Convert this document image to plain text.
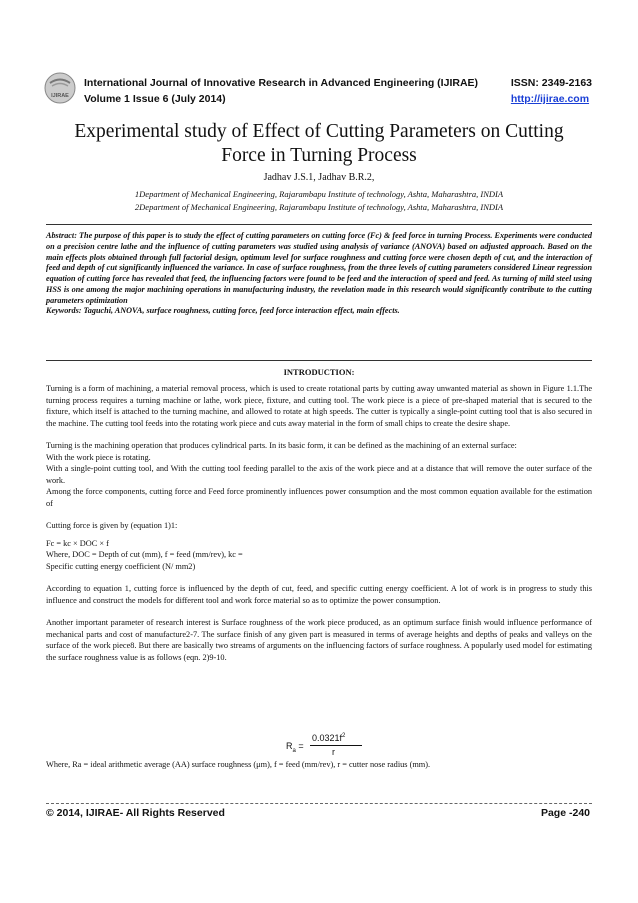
IJIRAE
International Journal of Innovative Research in Advanced Engineering (IJIRAE)
Volume 1 Issue 6 (July 2014)
ISSN: 2349-2163
http://ijirae.com
Experimental study of Effect of Cutting Parameters on Cutting
Force in Turning Process
Jadhav J.S.1, Jadhav B.R.2,
1Department of Mechanical Engineering, Rajarambapu Institute of technology, Ashta, Maharashtra, INDIA
2Department of Mechanical Engineering, Rajarambapu Institute of technology, Ashta, Maharashtra, INDIA

Abstract: The purpose of this paper is to study the effect of cutting parameters on cutting force (Fc) & feed force in turning Process. Experiments were conducted on a precision centre lathe and the influence of cutting parameters was studied using analysis of variance (ANOVA) based on adjusted approach. Based on the main effects plots obtained through full factorial design, optimum level for surface roughness and cutting force were chosen depth of cut, and the interaction of feed and depth of cut significantly influenced the variance. In case of surface roughness, from the three levels of cutting parameters considered Linear regression equation of cutting force has revealed that feed, the influencing factors were found to be feed and the interaction of speed and feed. As turning of mild steel using HSS is one among the major machining operations in manufacturing industry, the revelation made in this research would significantly contribute to the cutting parameters optimization

Keywords: Taguchi, ANOVA, surface roughness, cutting force, feed force interaction effect, main effects.

INTRODUCTION:

Turning is a form of machining, a material removal process, which is used to create rotational parts by cutting away unwanted material as shown in Figure 1.1.The turning process requires a turning machine or lathe, work piece, fixture, and cutting tool. The work piece is a piece of pre-shaped material that is secured to the fixture, which itself is attached to the turning machine, and allowed to rotate at high speeds. The cutter is typically a single-point cutting tool that is also secured in the machine. The cutting tool feeds into the rotating work piece and cuts away material in the form of small chips to create the desire shape.

Turning is the machining operation that produces cylindrical parts. In its basic form, it can be defined as the machining of an external surface:

With the work piece is rotating.

With a single-point cutting tool, and With the cutting tool feeding parallel to the axis of the work piece and at a distance that will remove the outer surface of the work.

Among the force components, cutting force and Feed force prominently influences power consumption and the most common equation available for the estimation of

Cutting force is given by (equation 1)1:

Fc = kc × DOC × f

Where, DOC = Depth of cut (mm), f = feed (mm/rev), kc =

Specific cutting energy coefficient (N/ mm2)

According to equation 1, cutting force is influenced by the depth of cut, feed, and specific cutting energy coefficient. A lot of work is in progress to study this influence and construct the models for different tool and work force material so as to optimize the power consumption.

Another important parameter of research interest is Surface roughness of the work piece produced, as an optimum surface finish would influence performance of mechanical parts and cost of manufacture2-7. The surface finish of any given part is measured in terms of average heights and depths of peaks and valleys on the surface of the work piece8. But there are basically two streams of arguments on the influencing factors of surface roughness. A popularly used model for estimating the surface roughness value is as follows (eqn. 2)9-10.

$R_a$ =
$0.0321f^2$
r
Where, Ra = ideal arithmetic average (AA) surface roughness (μm), f = feed (mm/rev), r = cutter nose radius (mm).
© 2014, IJIRAE- All Rights Reserved	Page -240
